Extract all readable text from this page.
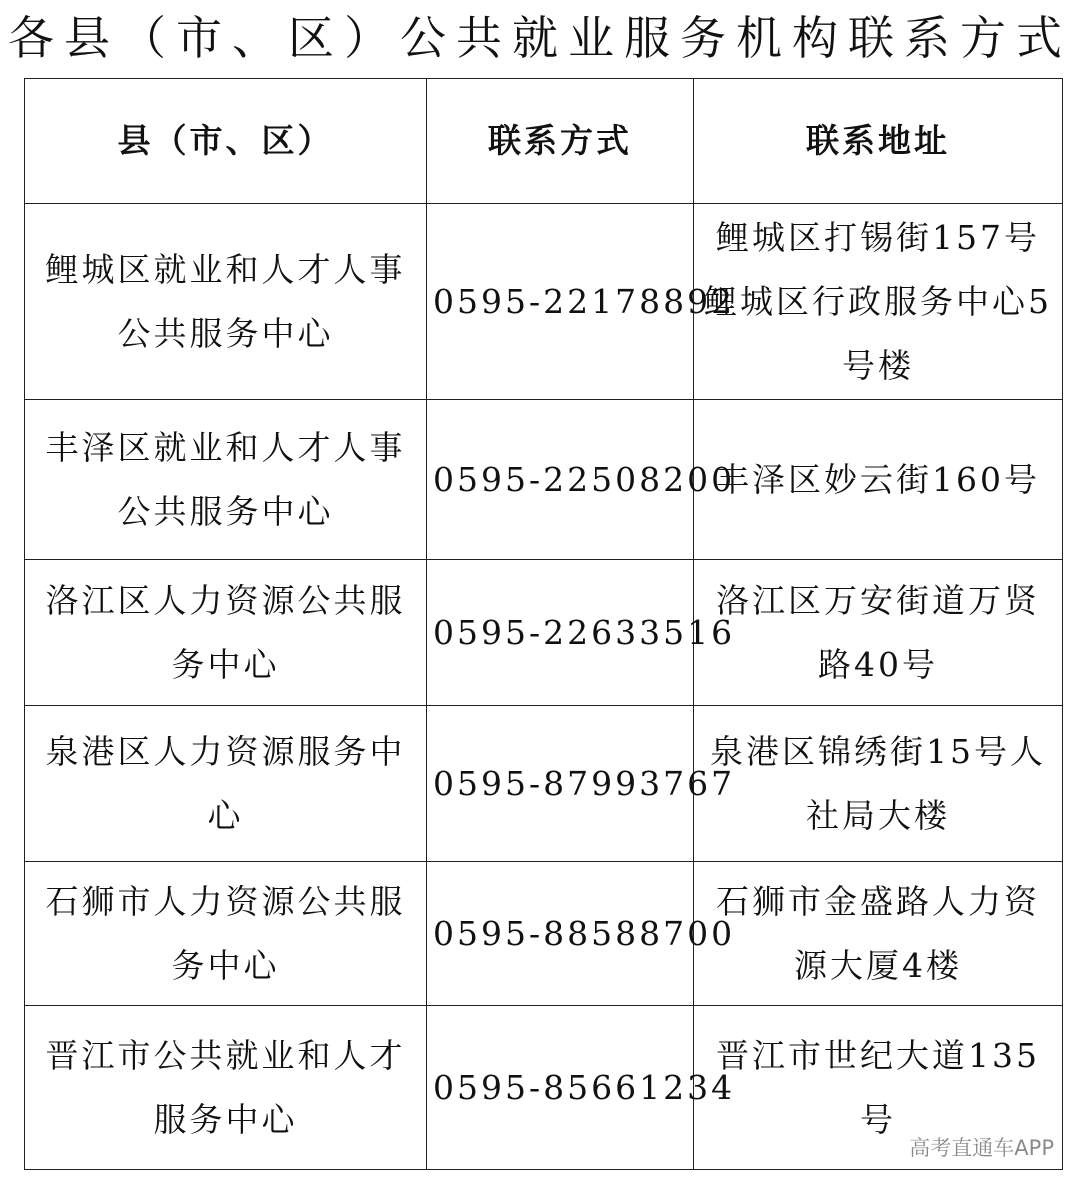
各县（市、区）公共就业服务机构联系方式
县（市、区）	联系方式	联系地址
鲤城区就业和人才人事公共服务中心	0595-22178892	鲤城区打锡街157号鲤城区行政服务中心5号楼
丰泽区就业和人才人事公共服务中心	0595-22508200	丰泽区妙云街160号
洛江区人力资源公共服务中心	0595-22633516	洛江区万安街道万贤路40号
泉港区人力资源服务中心	0595-87993767	泉港区锦绣街15号人社局大楼
石狮市人力资源公共服务中心	0595-88588700	石狮市金盛路人力资源大厦4楼
晋江市公共就业和人才服务中心	0595-85661234	晋江市世纪大道135号
高考直通车APP
